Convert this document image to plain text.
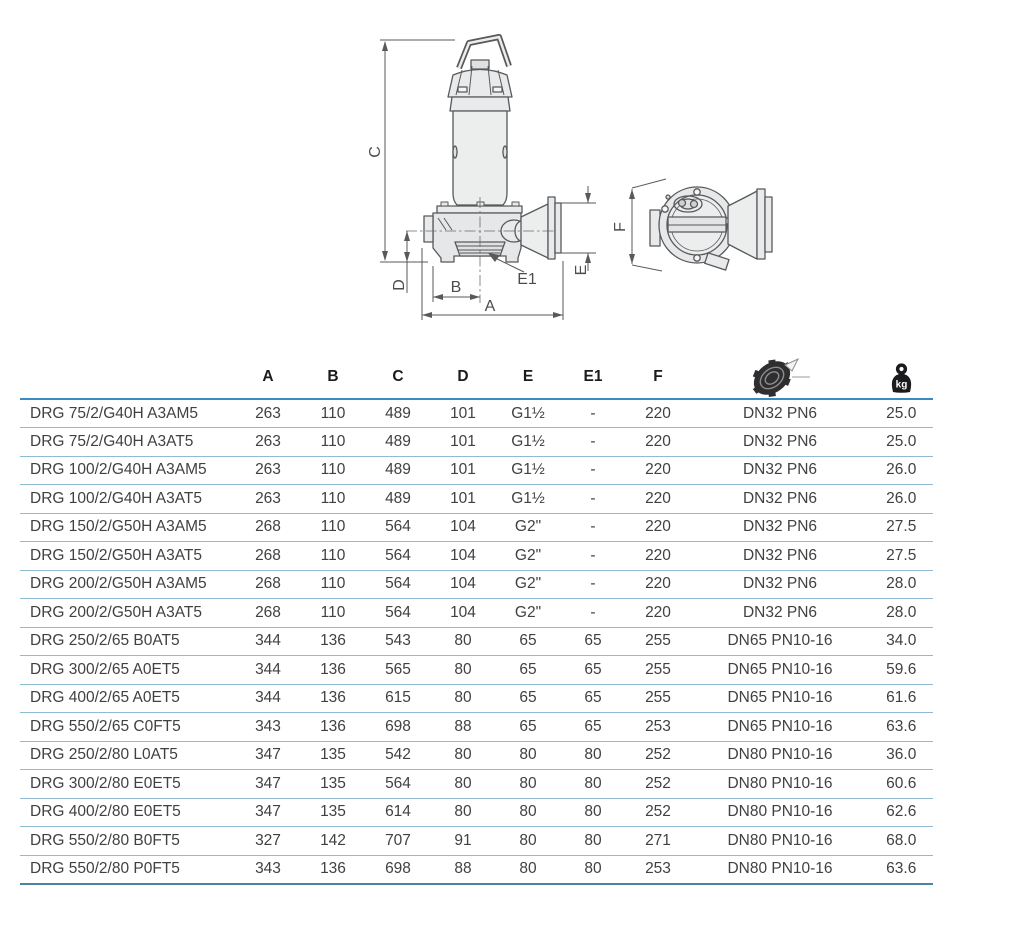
C
D	B
A
E
E1
F
	A	B	C	D	E	E1	F		kg

DRG 75/2/G40H A3AM5	263	110	489	101	G1½	-	220	DN32 PN6	25.0
DRG 75/2/G40H A3AT5	263	110	489	101	G1½	-	220	DN32 PN6	25.0
DRG 100/2/G40H A3AM5	263	110	489	101	G1½	-	220	DN32 PN6	26.0
DRG 100/2/G40H A3AT5	263	110	489	101	G1½	-	220	DN32 PN6	26.0
DRG 150/2/G50H A3AM5	268	110	564	104	G2"	-	220	DN32 PN6	27.5
DRG 150/2/G50H A3AT5	268	110	564	104	G2"	-	220	DN32 PN6	27.5
DRG 200/2/G50H A3AM5	268	110	564	104	G2"	-	220	DN32 PN6	28.0
DRG 200/2/G50H A3AT5	268	110	564	104	G2"	-	220	DN32 PN6	28.0
DRG 250/2/65 B0AT5	344	136	543	80	65	65	255	DN65 PN10-16	34.0
DRG 300/2/65 A0ET5	344	136	565	80	65	65	255	DN65 PN10-16	59.6
DRG 400/2/65 A0ET5	344	136	615	80	65	65	255	DN65 PN10-16	61.6
DRG 550/2/65 C0FT5	343	136	698	88	65	65	253	DN65 PN10-16	63.6
DRG 250/2/80 L0AT5	347	135	542	80	80	80	252	DN80 PN10-16	36.0
DRG 300/2/80 E0ET5	347	135	564	80	80	80	252	DN80 PN10-16	60.6
DRG 400/2/80 E0ET5	347	135	614	80	80	80	252	DN80 PN10-16	62.6
DRG 550/2/80 B0FT5	327	142	707	91	80	80	271	DN80 PN10-16	68.0
DRG 550/2/80 P0FT5	343	136	698	88	80	80	253	DN80 PN10-16	63.6
